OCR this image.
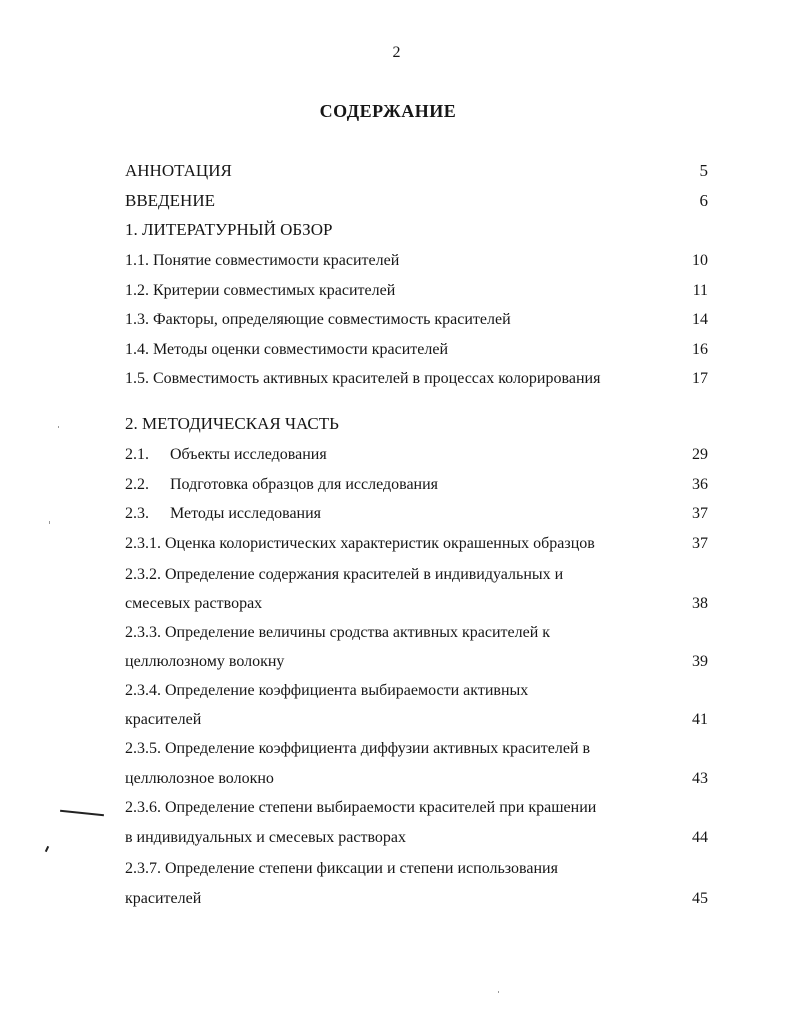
2
СОДЕРЖАНИЕ
АННОТАЦИЯ	5
ВВЕДЕНИЕ	6
1. ЛИТЕРАТУРНЫЙ ОБЗОР
1.1. Понятие совместимости красителей	10
1.2. Критерии совместимых красителей	11
1.3. Факторы, определяющие совместимость красителей	14
1.4. Методы оценки совместимости красителей	16
1.5. Совместимость активных красителей в процессах колорирования	17
2. МЕТОДИЧЕСКАЯ ЧАСТЬ
2.1. Объекты исследования	29
2.2. Подготовка образцов для исследования	36
2.3. Методы исследования	37
2.3.1. Оценка колористических характеристик окрашенных образцов	37
2.3.2. Определение содержания красителей в индивидуальных и
смесевых растворах	38
2.3.3. Определение величины сродства активных красителей к
целлюлозному волокну	39
2.3.4. Определение коэффициента выбираемости активных
красителей	41
2.3.5. Определение коэффициента диффузии активных красителей в
целлюлозное волокно	43
2.3.6. Определение степени выбираемости красителей при крашении
в индивидуальных и смесевых растворах	44
2.3.7. Определение степени фиксации и степени использования
красителей	45
